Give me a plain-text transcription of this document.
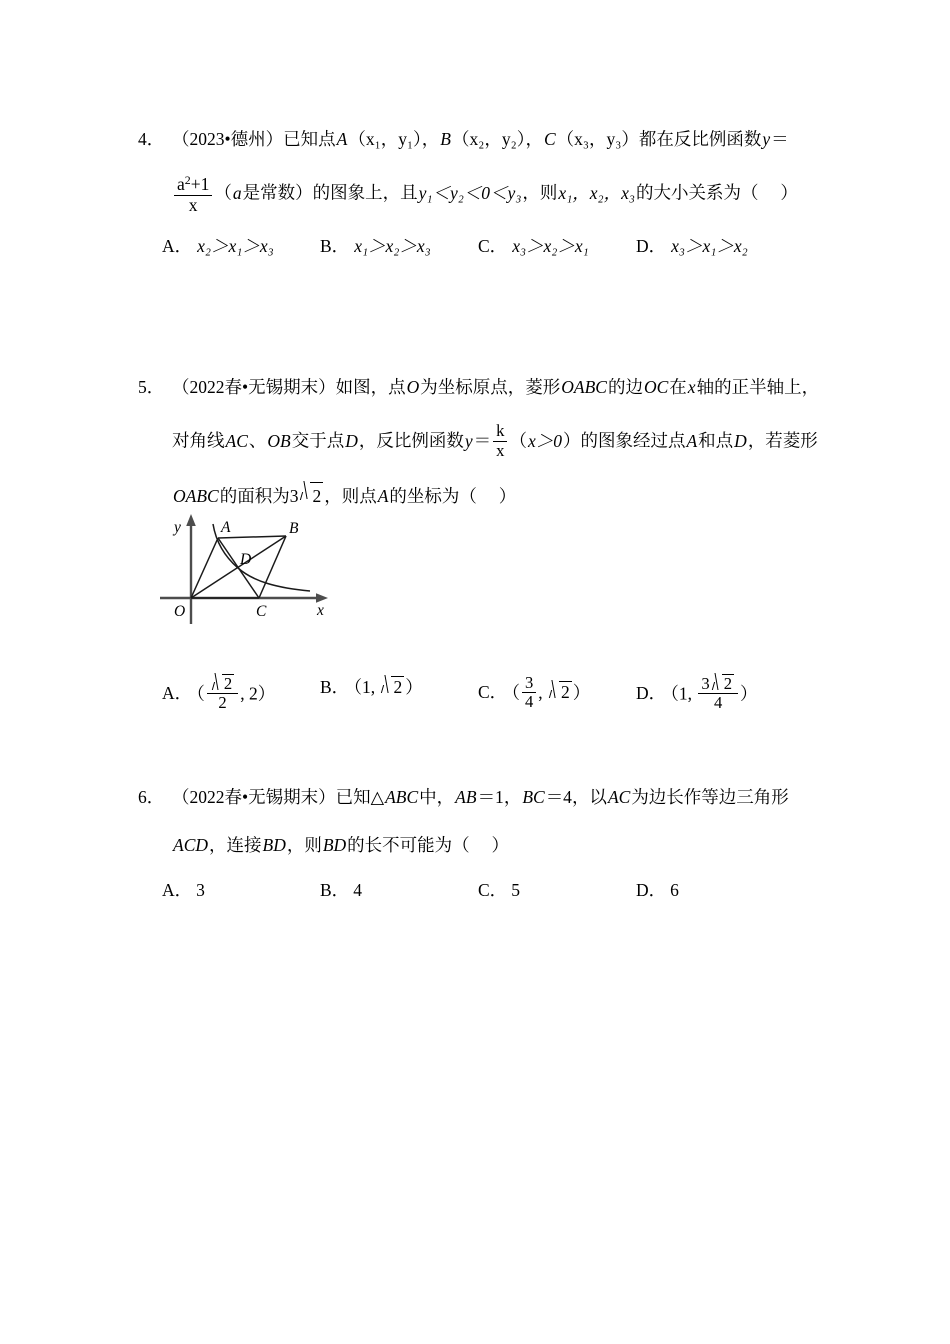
4． （2023•德州）已知点A（x₁，y₁），B（x₂，y₂），C（x₃，y₃）都在反比例函数y＝
$\frac{a^2+1}{x} (a$是常数）的图象上，且y₁＜y₂＜0＜y₃，则x₁，x₂，x₃的大小关系为（ ）
A． x₂＞x₁＞x₃	B． x₁＞x₂＞x₃	C． x₃＞x₂＞x₁	D． x₃＞x₁＞x₂
5． （2022春•无锡期末）如图，点O为坐标原点，菱形OABC的边OC在x轴的正半轴上，
对角线AC、OB交于点D，反比例函数$y= \frac{k}{x} (x>0)$的图象经过点A和点D，若菱形
OABC的面积为3 2 ，则点A的坐标为（ ）
A	B
D
C
O	x
y
A． （ $\frac{2}{2}$ , 2）	B． （1, 2 ）	C． （ $\frac{3}{4}$ , 2 ）	D． （1, $\frac{3 2}{4}$ ）
6． （2022春•无锡期末）已知△ABC中，AB＝1，BC＝4，以AC为边长作等边三角形
ACD，连接BD，则BD的长不可能为（ ）
A． 3	B． 4	C． 5	D． 6
